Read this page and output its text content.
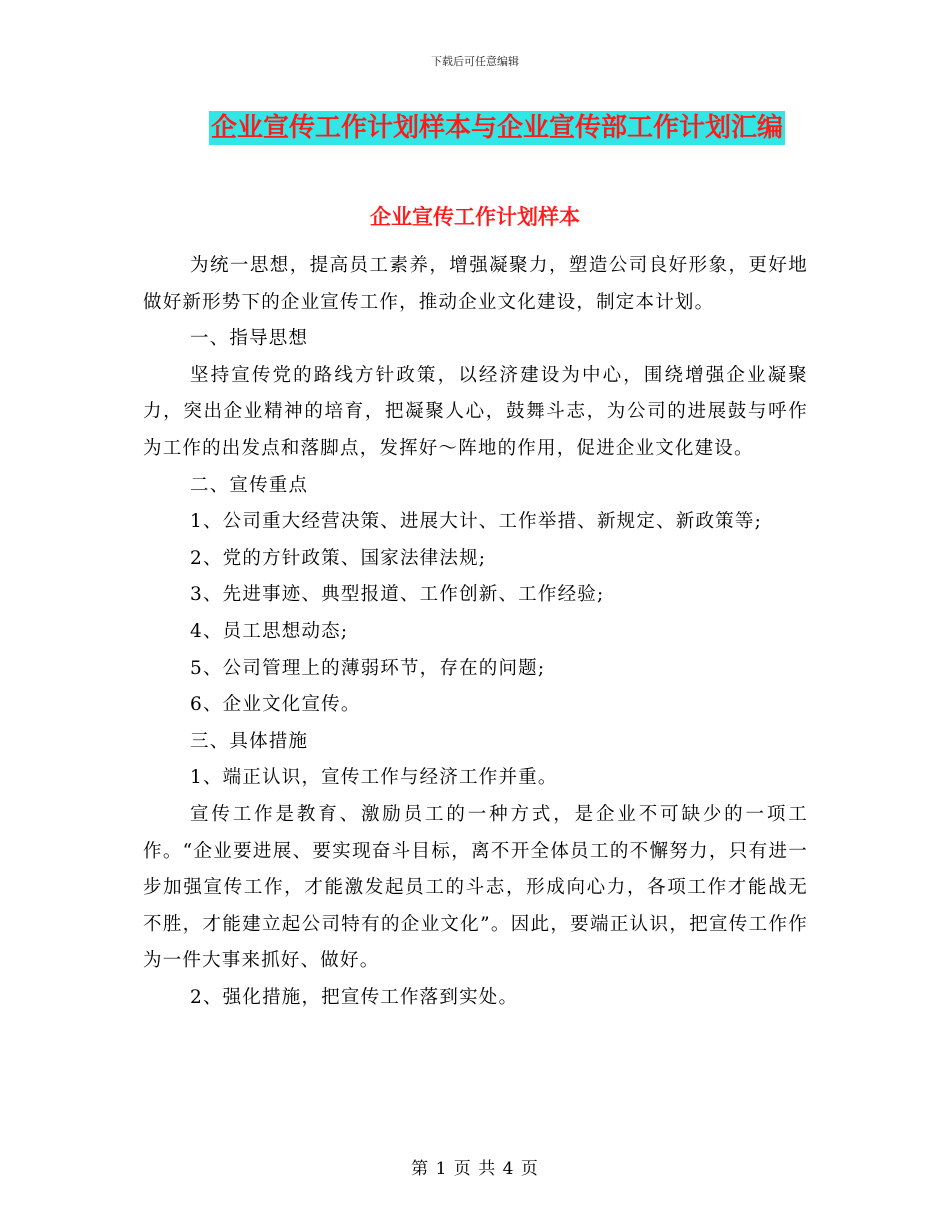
下载后可任意编辑
企业宣传工作计划样本与企业宣传部工作计划汇编
企业宣传工作计划样本

为统一思想，提高员工素养，增强凝聚力，塑造公司良好形象，更好地做好新形势下的企业宣传工作，推动企业文化建设，制定本计划。

一、指导思想

坚持宣传党的路线方针政策，以经济建设为中心，围绕增强企业凝聚力，突出企业精神的培育，把凝聚人心，鼓舞斗志，为公司的进展鼓与呼作为工作的出发点和落脚点，发挥好～阵地的作用，促进企业文化建设。

二、宣传重点

1、公司重大经营决策、进展大计、工作举措、新规定、新政策等;

2、党的方针政策、国家法律法规;

3、先进事迹、典型报道、工作创新、工作经验;

4、员工思想动态;

5、公司管理上的薄弱环节，存在的问题;

6、企业文化宣传。

三、具体措施

1、端正认识，宣传工作与经济工作并重。

宣传工作是教育、激励员工的一种方式，是企业不可缺少的一项工作。“企业要进展、要实现奋斗目标，离不开全体员工的不懈努力，只有进一步加强宣传工作，才能激发起员工的斗志，形成向心力，各项工作才能战无不胜，才能建立起公司特有的企业文化”。因此，要端正认识，把宣传工作作为一件大事来抓好、做好。

2、强化措施，把宣传工作落到实处。

第 1 页 共 4 页
